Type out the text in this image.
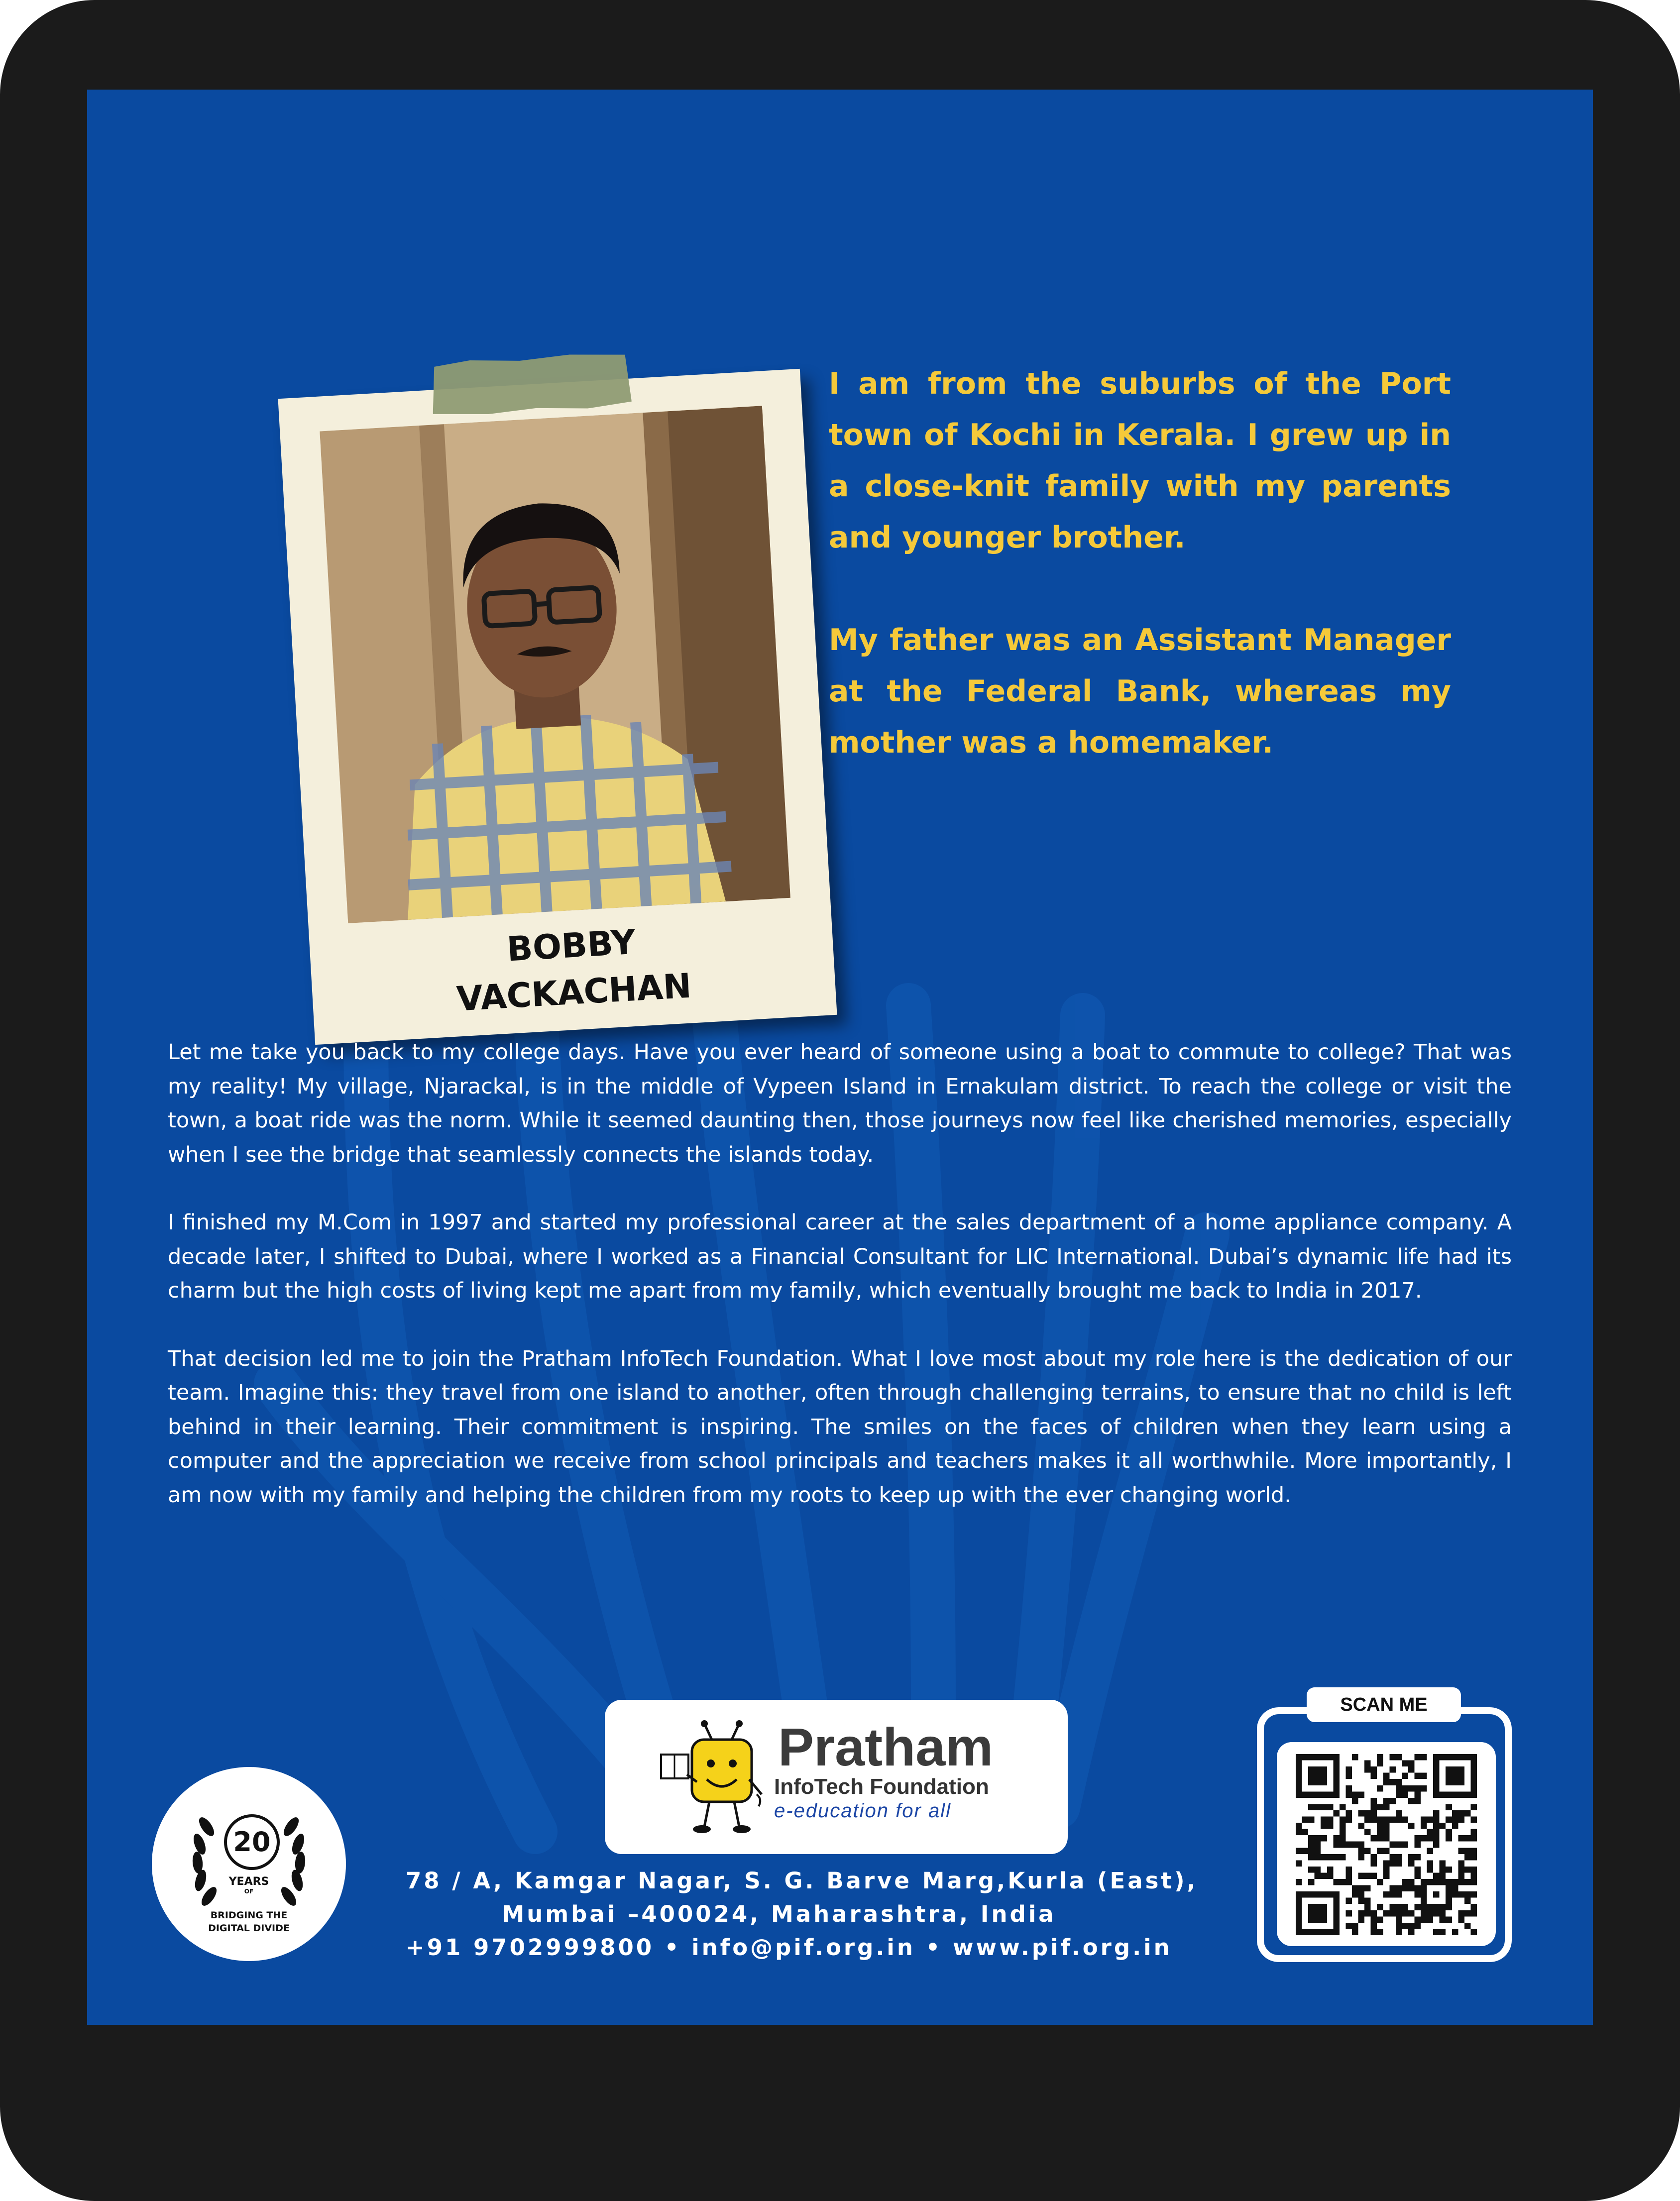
BOBBY
VACKACHAN

I am from the suburbs of the Port town of Kochi in Kerala. I grew up in a close-knit family with my parents and younger brother.

My father was an Assistant Manager at the Federal Bank, whereas my mother was a homemaker.

Let me take you back to my college days. Have you ever heard of someone using a boat to commute to college? That was my reality! My village, Njarackal, is in the middle of Vypeen Island in Ernakulam district. To reach the college or visit the town, a boat ride was the norm. While it seemed daunting then, those journeys now feel like cherished memories, especially when I see the bridge that seamlessly connects the islands today.

I finished my M.Com in 1997 and started my professional career at the sales department of a home appliance company. A decade later, I shifted to Dubai, where I worked as a Financial Consultant for LIC International. Dubai’s dynamic life had its charm but the high costs of living kept me apart from my family, which eventually brought me back to India in 2017.

That decision led me to join the Pratham InfoTech Foundation. What I love most about my role here is the dedication of our team. Imagine this: they travel from one island to another, often through challenging terrains, to ensure that no child is left behind in their learning. Their commitment is inspiring. The smiles on the faces of children when they learn using a computer and the appreciation we receive from school principals and teachers makes it all worthwhile. More importantly, I am now with my family and helping the children from my roots to keep up with the ever changing world.

20
YEARS
OF
BRIDGING THE
DIGITAL DIVIDE
Pratham
InfoTech Foundation
e-education for all
78 / A, Kamgar Nagar, S. G. Barve Marg,Kurla (East),
Mumbai –400024, Maharashtra, India
+91 9702999800 • info@pif.org.in • www.pif.org.in
SCAN ME
